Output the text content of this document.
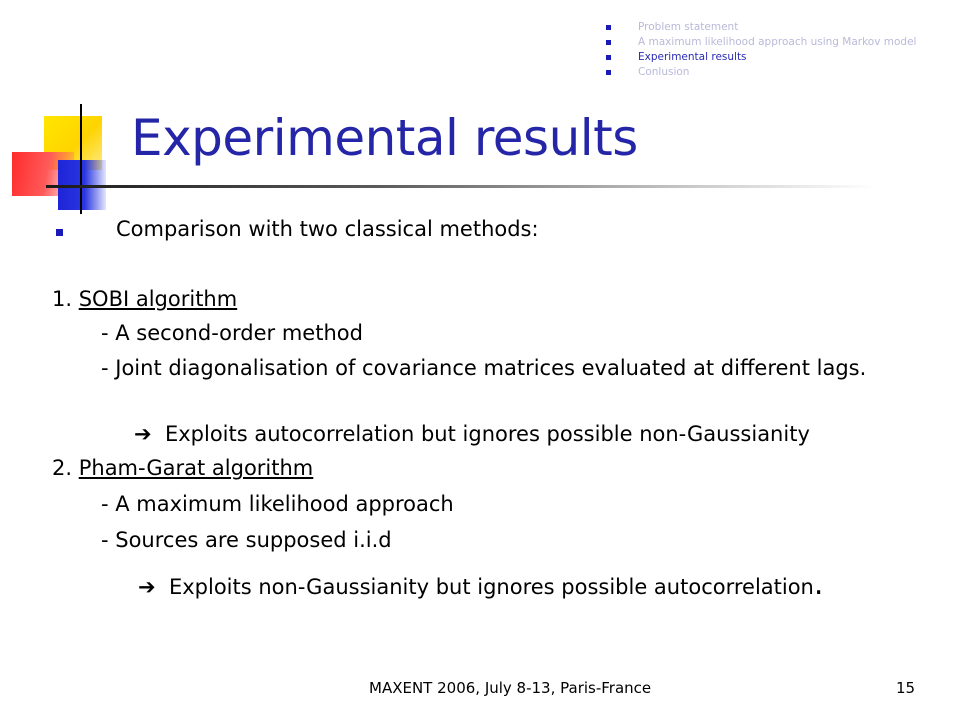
Problem statement
A maximum likelihood approach using Markov model
Experimental results
Conlusion
Experimental results
Comparison with two classical methods:
1. SOBI algorithm
- A second-order method
- Joint diagonalisation of covariance matrices evaluated at different lags.
➔ Exploits autocorrelation but ignores possible non-Gaussianity
2. Pham-Garat algorithm
- A maximum likelihood approach
- Sources are supposed i.i.d
➔ Exploits non-Gaussianity but ignores possible autocorrelation.
MAXENT 2006, July 8-13, Paris-France	15
